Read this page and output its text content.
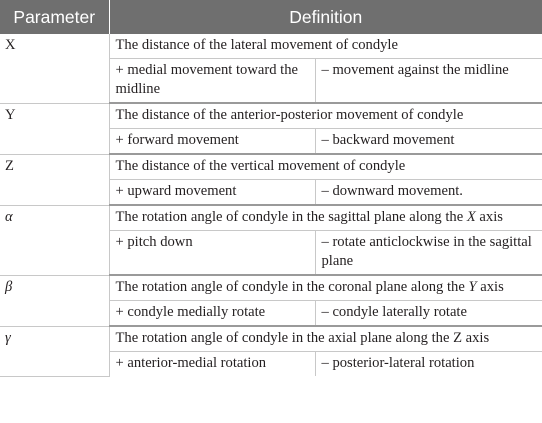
Parameter	Definition	
X	The distance of the lateral movement of condyle	
	+ medial movement toward the midline	– movement against the midline
Y	The distance of the anterior-posterior movement of condyle	
	+ forward movement	– backward movement
Z	The distance of the vertical movement of condyle	
	+ upward movement	– downward movement.
α	The rotation angle of condyle in the sagittal plane along the X axis	
	+ pitch down	– rotate anticlockwise in the sagittal plane
β	The rotation angle of condyle in the coronal plane along the Y axis	
	+ condyle medially rotate	– condyle laterally rotate
γ	The rotation angle of condyle in the axial plane along the Z axis	
	+ anterior-medial rotation	– posterior-lateral rotation
